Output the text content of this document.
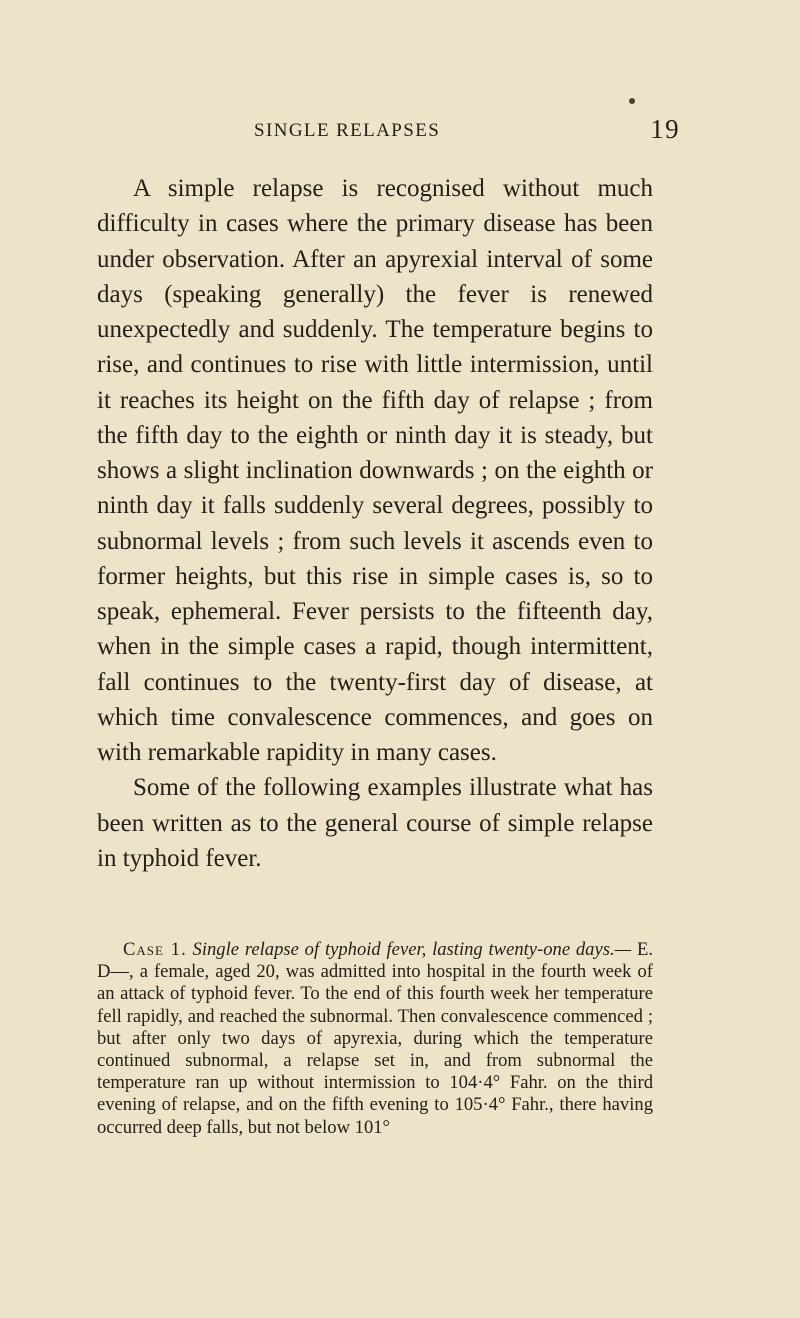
SINGLE RELAPSES	19

A simple relapse is recognised without much difficulty in cases where the primary disease has been under observation. After an apyrexial interval of some days (speaking generally) the fever is renewed unexpectedly and suddenly. The temperature begins to rise, and continues to rise with little intermission, until it reaches its height on the fifth day of relapse ; from the fifth day to the eighth or ninth day it is steady, but shows a slight inclination downwards ; on the eighth or ninth day it falls suddenly several degrees, possibly to subnormal levels ; from such levels it ascends even to former heights, but this rise in simple cases is, so to speak, ephemeral. Fever persists to the fifteenth day, when in the simple cases a rapid, though intermittent, fall continues to the twenty-first day of disease, at which time convalescence commences, and goes on with remarkable rapidity in many cases.

Some of the following examples illustrate what has been written as to the general course of simple relapse in typhoid fever.

Case 1. Single relapse of typhoid fever, lasting twenty-one days.— E. D—, a female, aged 20, was admitted into hospital in the fourth week of an attack of typhoid fever. To the end of this fourth week her temperature fell rapidly, and reached the subnormal. Then convalescence commenced ; but after only two days of apyrexia, during which the temperature continued subnormal, a relapse set in, and from subnormal the temperature ran up without intermission to 104·4° Fahr. on the third evening of relapse, and on the fifth evening to 105·4° Fahr., there having occurred deep falls, but not below 101°
